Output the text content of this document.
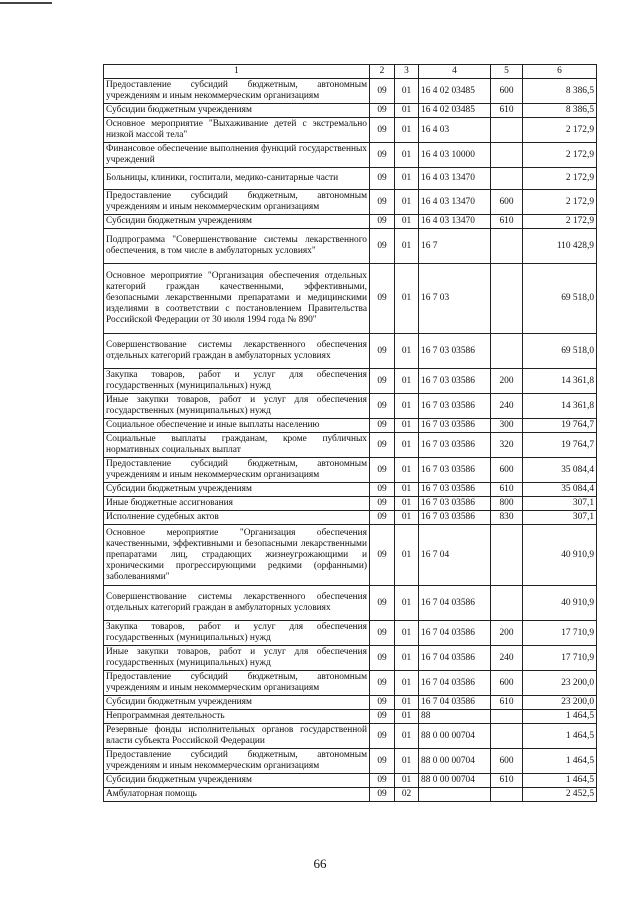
1	2	3	4	5	6
Предоставление субсидий бюджетным, автономным учреждениям и иным некоммерческим организациям	09	01	16 4 02 03485	600	8 386,5
Субсидии бюджетным учреждениям	09	01	16 4 02 03485	610	8 386,5
Основное мероприятие "Выхаживание детей с экстремально низкой массой тела"	09	01	16 4 03		2 172,9
Финансовое обеспечение выполнения функций государственных учреждений	09	01	16 4 03 10000		2 172,9
Больницы, клиники, госпитали, медико-санитарные части	09	01	16 4 03 13470		2 172,9
Предоставление субсидий бюджетным, автономным учреждениям и иным некоммерческим организациям	09	01	16 4 03 13470	600	2 172,9
Субсидии бюджетным учреждениям	09	01	16 4 03 13470	610	2 172,9
Подпрограмма "Совершенствование системы лекарственного обеспечения, в том числе в амбулаторных условиях"	09	01	16 7		110 428,9
Основное мероприятие "Организация обеспечения отдельных категорий граждан качественными, эффективными, безопасными лекарственными препаратами и медицинскими изделиями в соответствии с постановлением Правительства Российской Федерации от 30 июля 1994 года № 890"	09	01	16 7 03		69 518,0
Совершенствование системы лекарственного обеспечения отдельных категорий граждан в амбулаторных условиях	09	01	16 7 03 03586		69 518,0
Закупка товаров, работ и услуг для обеспечения государственных (муниципальных) нужд	09	01	16 7 03 03586	200	14 361,8
Иные закупки товаров, работ и услуг для обеспечения государственных (муниципальных) нужд	09	01	16 7 03 03586	240	14 361,8
Социальное обеспечение и иные выплаты населению	09	01	16 7 03 03586	300	19 764,7
Социальные выплаты гражданам, кроме публичных нормативных социальных выплат	09	01	16 7 03 03586	320	19 764,7
Предоставление субсидий бюджетным, автономным учреждениям и иным некоммерческим организациям	09	01	16 7 03 03586	600	35 084,4
Субсидии бюджетным учреждениям	09	01	16 7 03 03586	610	35 084,4
Иные бюджетные ассигнования	09	01	16 7 03 03586	800	307,1
Исполнение судебных актов	09	01	16 7 03 03586	830	307,1
Основное мероприятие "Организация обеспечения качественными, эффективными и безопасными лекарственными препаратами лиц, страдающих жизнеугрожающими и хроническими прогрессирующими редкими (орфанными) заболеваниями"	09	01	16 7 04		40 910,9
Совершенствование системы лекарственного обеспечения отдельных категорий граждан в амбулаторных условиях	09	01	16 7 04 03586		40 910,9
Закупка товаров, работ и услуг для обеспечения государственных (муниципальных) нужд	09	01	16 7 04 03586	200	17 710,9
Иные закупки товаров, работ и услуг для обеспечения государственных (муниципальных) нужд	09	01	16 7 04 03586	240	17 710,9
Предоставление субсидий бюджетным, автономным учреждениям и иным некоммерческим организациям	09	01	16 7 04 03586	600	23 200,0
Субсидии бюджетным учреждениям	09	01	16 7 04 03586	610	23 200,0
Непрограммная деятельность	09	01	88		1 464,5
Резервные фонды исполнительных органов государственной власти субъекта Российской Федерации	09	01	88 0 00 00704		1 464,5
Предоставление субсидий бюджетным, автономным учреждениям и иным некоммерческим организациям	09	01	88 0 00 00704	600	1 464,5
Субсидии бюджетным учреждениям	09	01	88 0 00 00704	610	1 464,5
Амбулаторная помощь	09	02			2 452,5
66
